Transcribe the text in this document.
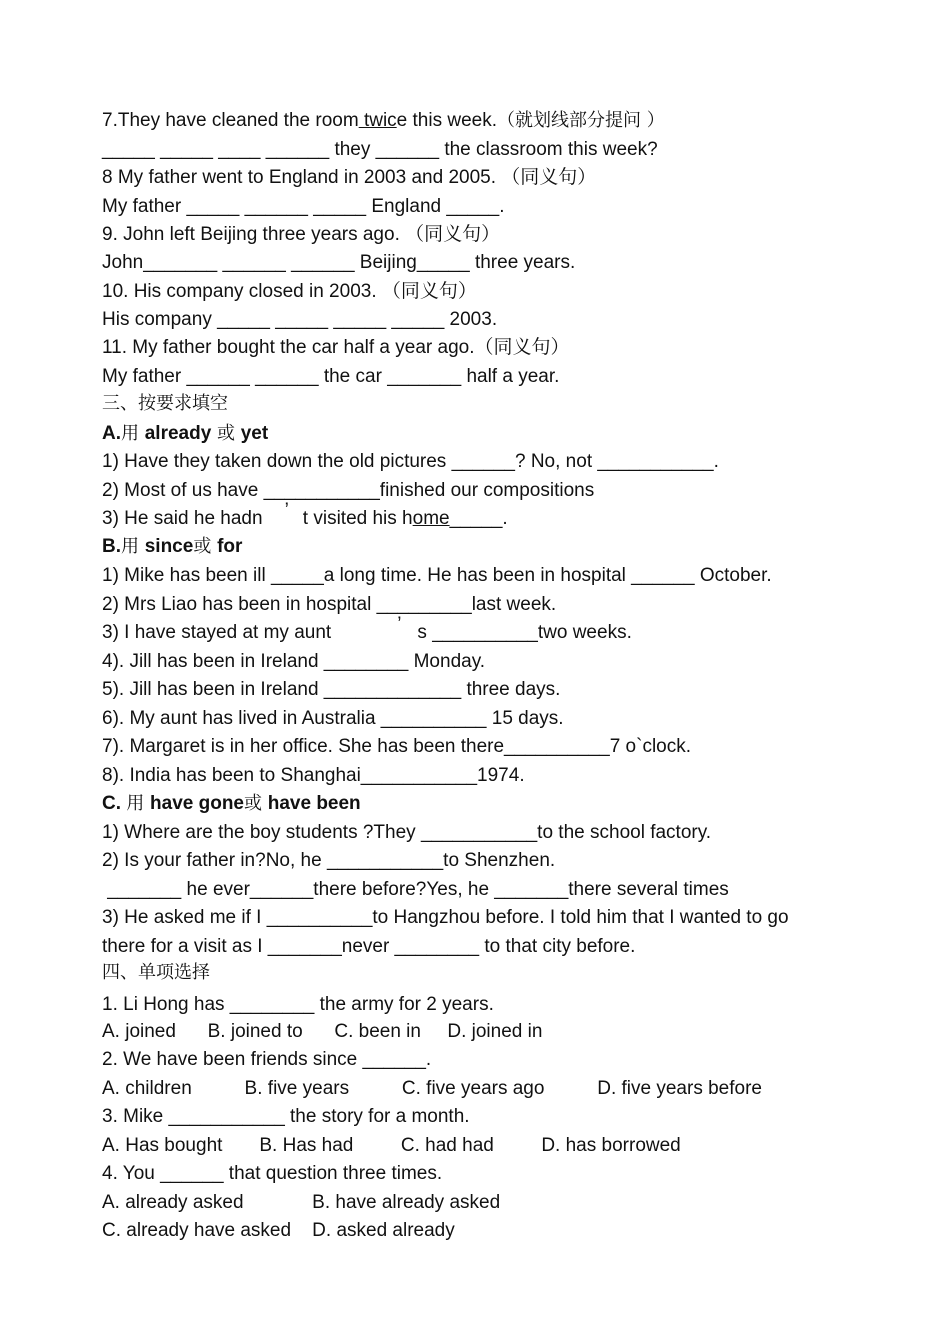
7.They have cleaned the room twice this week.（就划线部分提问 ）

_____ _____ ____ ______ they ______ the classroom this week?

8 My father went to England in 2003 and 2005. （同义句）

My father _____ ______ _____ England _____.

9. John left Beijing three years ago. （同义句）

John_______ ______ ______ Beijing_____ three years.

10. His company closed in 2003. （同义句）

His company _____ _____ _____ _____ 2003.

11. My father bought the car half a year ago.（同义句）

My father ______ ______ the car _______ half a year.

三、按要求填空

A.用 already 或 yet

1) Have they taken down the old pictures ______? No, not ___________.

2) Most of us have ___________finished our compositions

3) He said he hadn ’ t visited his home_____.

B.用 since或 for

1) Mike has been ill _____a long time. He has been in hospital ______ October.

2) Mrs Liao has been in hospital _________last week.

3) I have stayed at my aunt	’ s __________two weeks.

4). Jill has been in Ireland ________ Monday.

5). Jill has been in Ireland _____________ three days.

6). My aunt has lived in Australia __________ 15 days.

7). Margaret is in her office. She has been there__________7 o`clock.

8). India has been to Shanghai___________1974.

C. 用 have gone或 have been

1) Where are the boy students ?They ___________to the school factory.

2) Is your father in?No, he ___________to Shenzhen.

_______ he ever______there before?Yes, he _______there several times

3) He asked me if I __________to Hangzhou before. I told him that I wanted to go

there for a visit as I _______never ________ to that city before.

四、单项选择

1. Li Hong has ________ the army for 2 years.

A. joined      B. joined to      C. been in     D. joined in

2. We have been friends since ______.

A. children          B. five years          C. five years ago          D. five years before

3. Mike ___________ the story for a month.

A. Has bought       B. Has had         C. had had         D. has borrowed

4. You ______ that question three times.

A. already asked             B. have already asked

C. already have asked    D. asked already
